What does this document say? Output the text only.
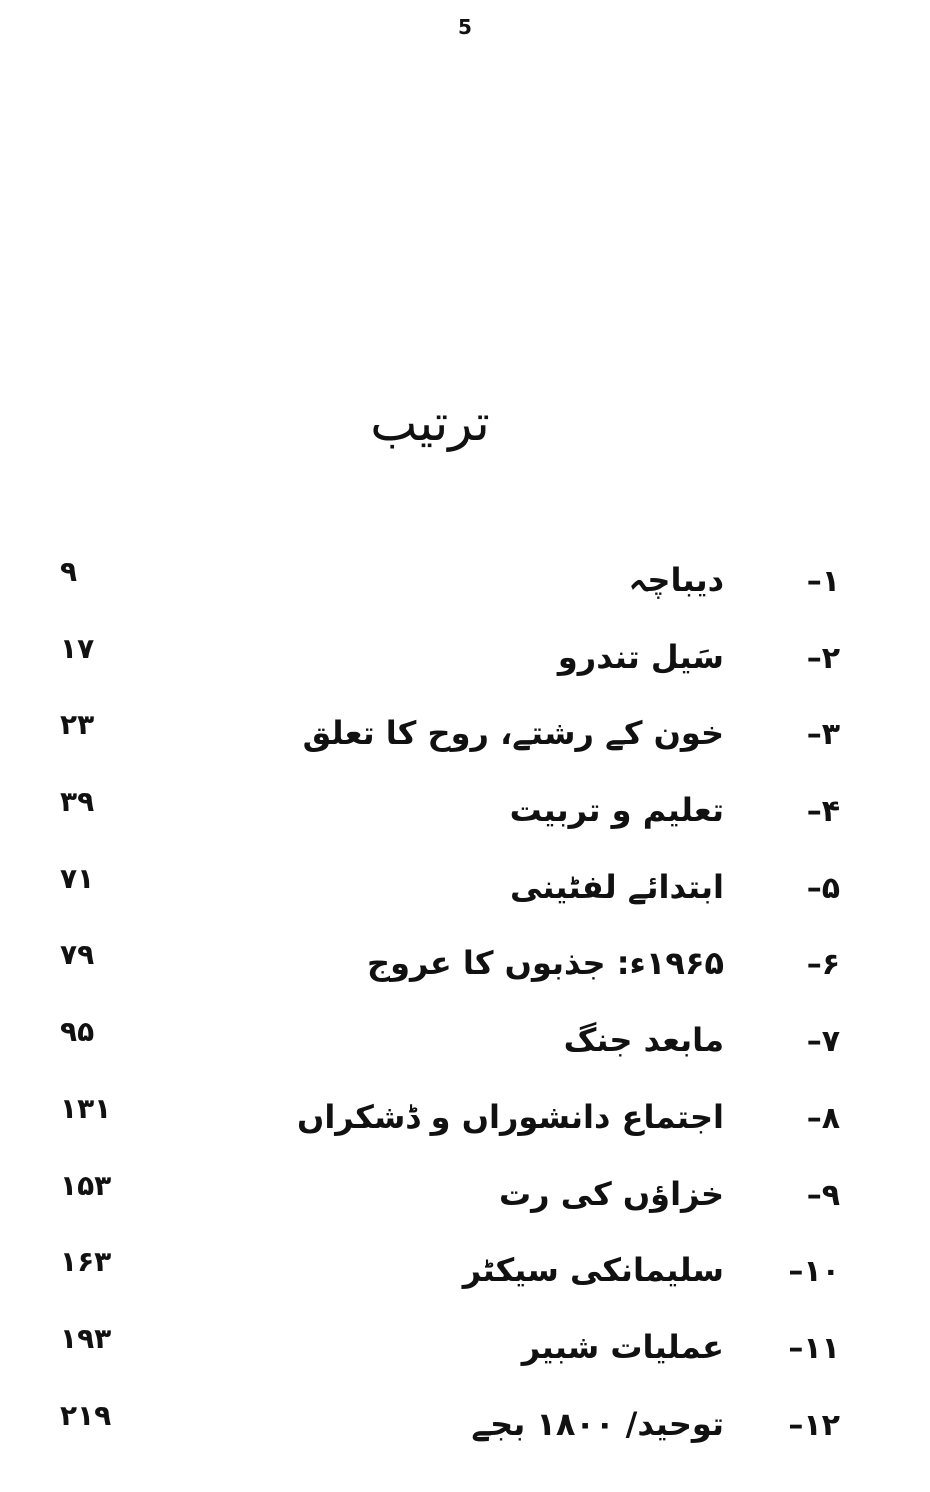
5
ترتیب
۱–
دیباچہ
۹
۲–
سَیل تندرو
۱۷
۳–
خون کے رشتے، روح کا تعلق
۲۳
۴–
تعلیم و تربیت
۳۹
۵–
ابتدائے لفٹینی
۷۱
۶–
۱۹۶۵ء: جذبوں کا عروج
۷۹
۷–
مابعد جنگ
۹۵
۸–
اجتماع دانشوراں و ڈشکراں
۱۳۱
۹–
خزاؤں کی رت
۱۵۳
۱۰–
سلیمانکی سیکٹر
۱۶۳
۱۱–
عملیات شبیر
۱۹۳
۱۲–
توحید/ ۱۸۰۰ بجے
۲۱۹
